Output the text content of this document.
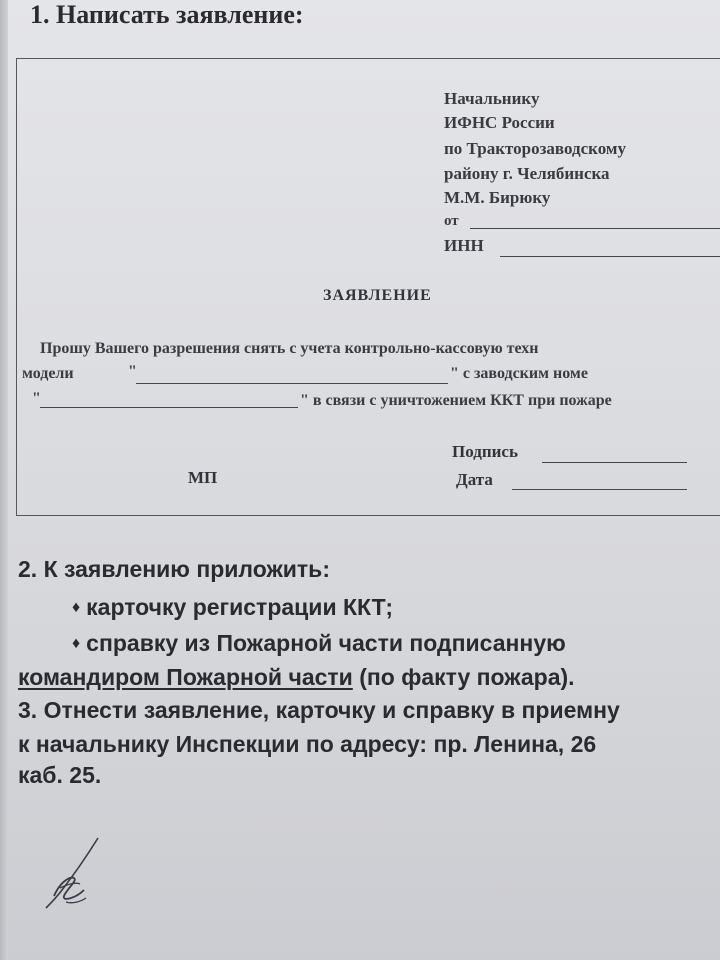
1. Написать заявление:
Начальнику
ИФНС России
по Тракторозаводскому
району г. Челябинска
М.М. Бирюку
от
ИНН
ЗАЯВЛЕНИЕ
Прошу Вашего разрешения снять с учета контрольно-кассовую техн
модели	"	" с заводским номе
"	" в связи с уничтожением ККТ при пожаре
Подпись
МП	Дата
2. К заявлению приложить:
♦ карточку регистрации ККТ;
♦ справку из Пожарной части подписанную
командиром Пожарной части (по факту пожара).
3. Отнести заявление, карточку и справку в приемну
к начальнику Инспекции по адресу: пр. Ленина, 26
каб. 25.
